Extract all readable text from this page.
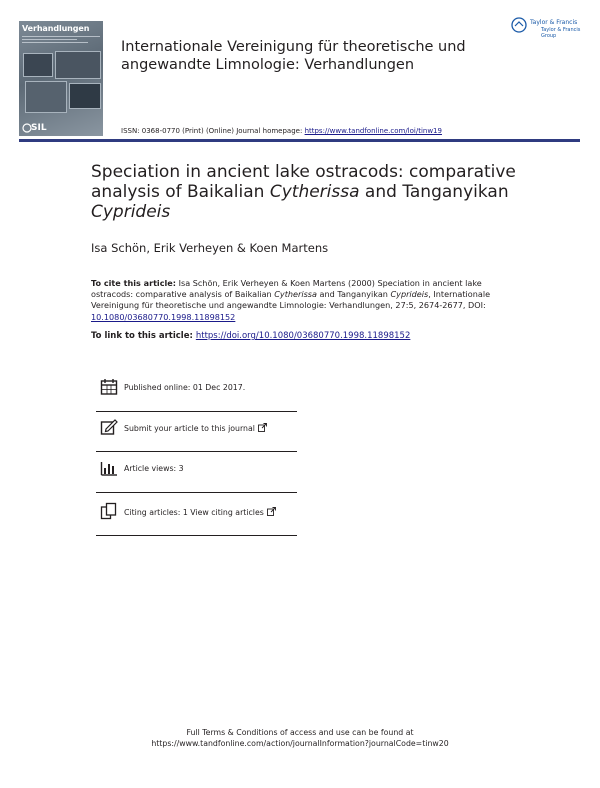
Verhandlungen
SIL
Internationale Vereinigung für theoretische und angewandte Limnologie: Verhandlungen
Taylor & Francis
Taylor & Francis Group
ISSN: 0368-0770 (Print) (Online) Journal homepage: https://www.tandfonline.com/loi/tinw19
Speciation in ancient lake ostracods: comparative analysis of Baikalian Cytherissa and Tanganyikan Cyprideis
Isa Schön, Erik Verheyen & Koen Martens
To cite this article: Isa Schön, Erik Verheyen & Koen Martens (2000) Speciation in ancient lake ostracods: comparative analysis of Baikalian Cytherissa and Tanganyikan Cyprideis, Internationale Vereinigung für theoretische und angewandte Limnologie: Verhandlungen, 27:5, 2674-2677, DOI: 10.1080/03680770.1998.11898152
To link to this article: https://doi.org/10.1080/03680770.1998.11898152
Published online: 01 Dec 2017.
Submit your article to this journal
Article views: 3
Citing articles: 1 View citing articles
Full Terms & Conditions of access and use can be found at
https://www.tandfonline.com/action/journalInformation?journalCode=tinw20
